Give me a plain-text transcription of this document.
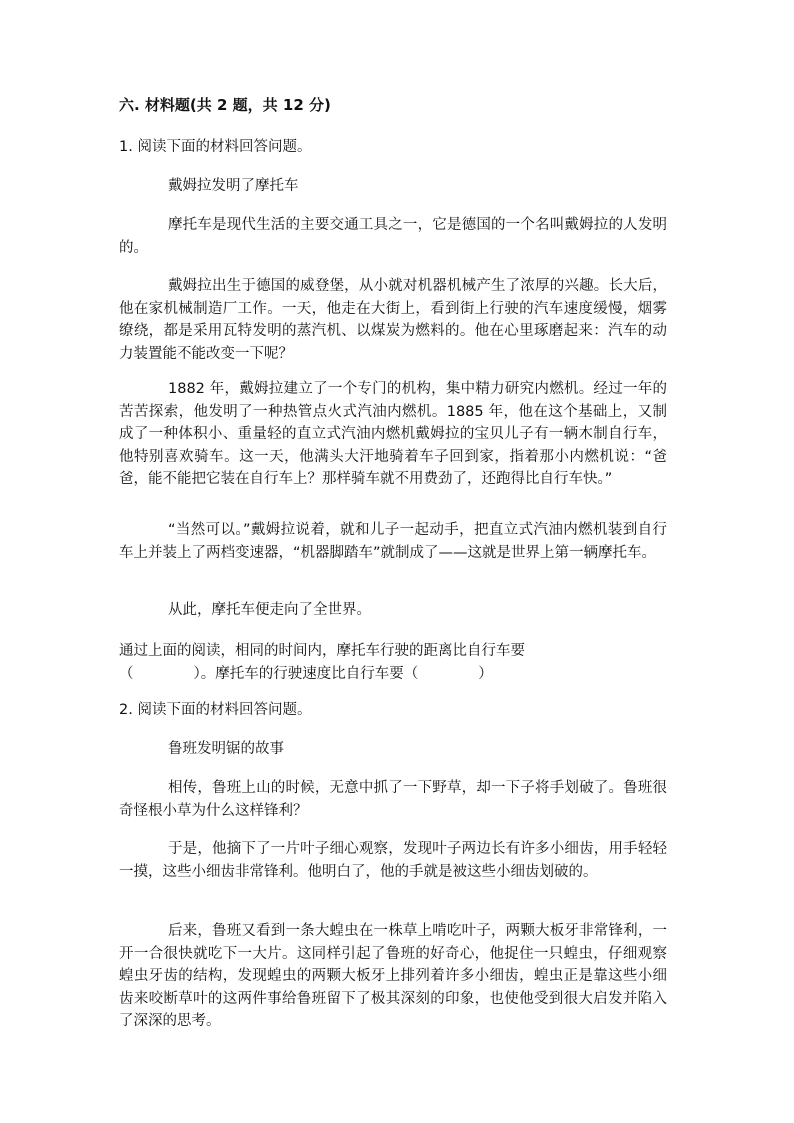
六. 材料题(共 2 题，共 12 分)
1. 阅读下面的材料回答问题。
戴姆拉发明了摩托车
摩托车是现代生活的主要交通工具之一，它是德国的一个名叫戴姆拉的人发明的。
戴姆拉出生于德国的威登堡，从小就对机器机械产生了浓厚的兴趣。长大后，他在家机械制造厂工作。一天，他走在大街上，看到街上行驶的汽车速度缓慢，烟雾缭绕，都是采用瓦特发明的蒸汽机、以煤炭为燃料的。他在心里琢磨起来：汽车的动力装置能不能改变一下呢？
1882 年，戴姆拉建立了一个专门的机构，集中精力研究内燃机。经过一年的苦苦探索，他发明了一种热管点火式汽油内燃机。1885 年，他在这个基础上，又制成了一种体积小、重量轻的直立式汽油内燃机戴姆拉的宝贝儿子有一辆木制自行车，他特别喜欢骑车。这一天，他满头大汗地骑着车子回到家，指着那小内燃机说：“爸爸，能不能把它装在自行车上？那样骑车就不用费劲了，还跑得比自行车快。”
“当然可以。”戴姆拉说着，就和儿子一起动手，把直立式汽油内燃机装到自行车上并装上了两档变速器，“机器脚踏车”就制成了——这就是世界上第一辆摩托车。
从此，摩托车便走向了全世界。
通过上面的阅读，相同的时间内，摩托车行驶的距离比自行车要
（	）。摩托车的行驶速度比自行车要（	）
2. 阅读下面的材料回答问题。
鲁班发明锯的故事
相传，鲁班上山的时候，无意中抓了一下野草，却一下子将手划破了。鲁班很奇怪根小草为什么这样锋利？
于是，他摘下了一片叶子细心观察，发现叶子两边长有许多小细齿，用手轻轻一摸，这些小细齿非常锋利。他明白了，他的手就是被这些小细齿划破的。
后来，鲁班又看到一条大蝗虫在一株草上啃吃叶子，两颗大板牙非常锋利，一开一合很快就吃下一大片。这同样引起了鲁班的好奇心，他捉住一只蝗虫，仔细观察蝗虫牙齿的结构，发现蝗虫的两颗大板牙上排列着许多小细齿，蝗虫正是靠这些小细齿来咬断草叶的这两件事给鲁班留下了极其深刻的印象，也使他受到很大启发并陷入了深深的思考。
